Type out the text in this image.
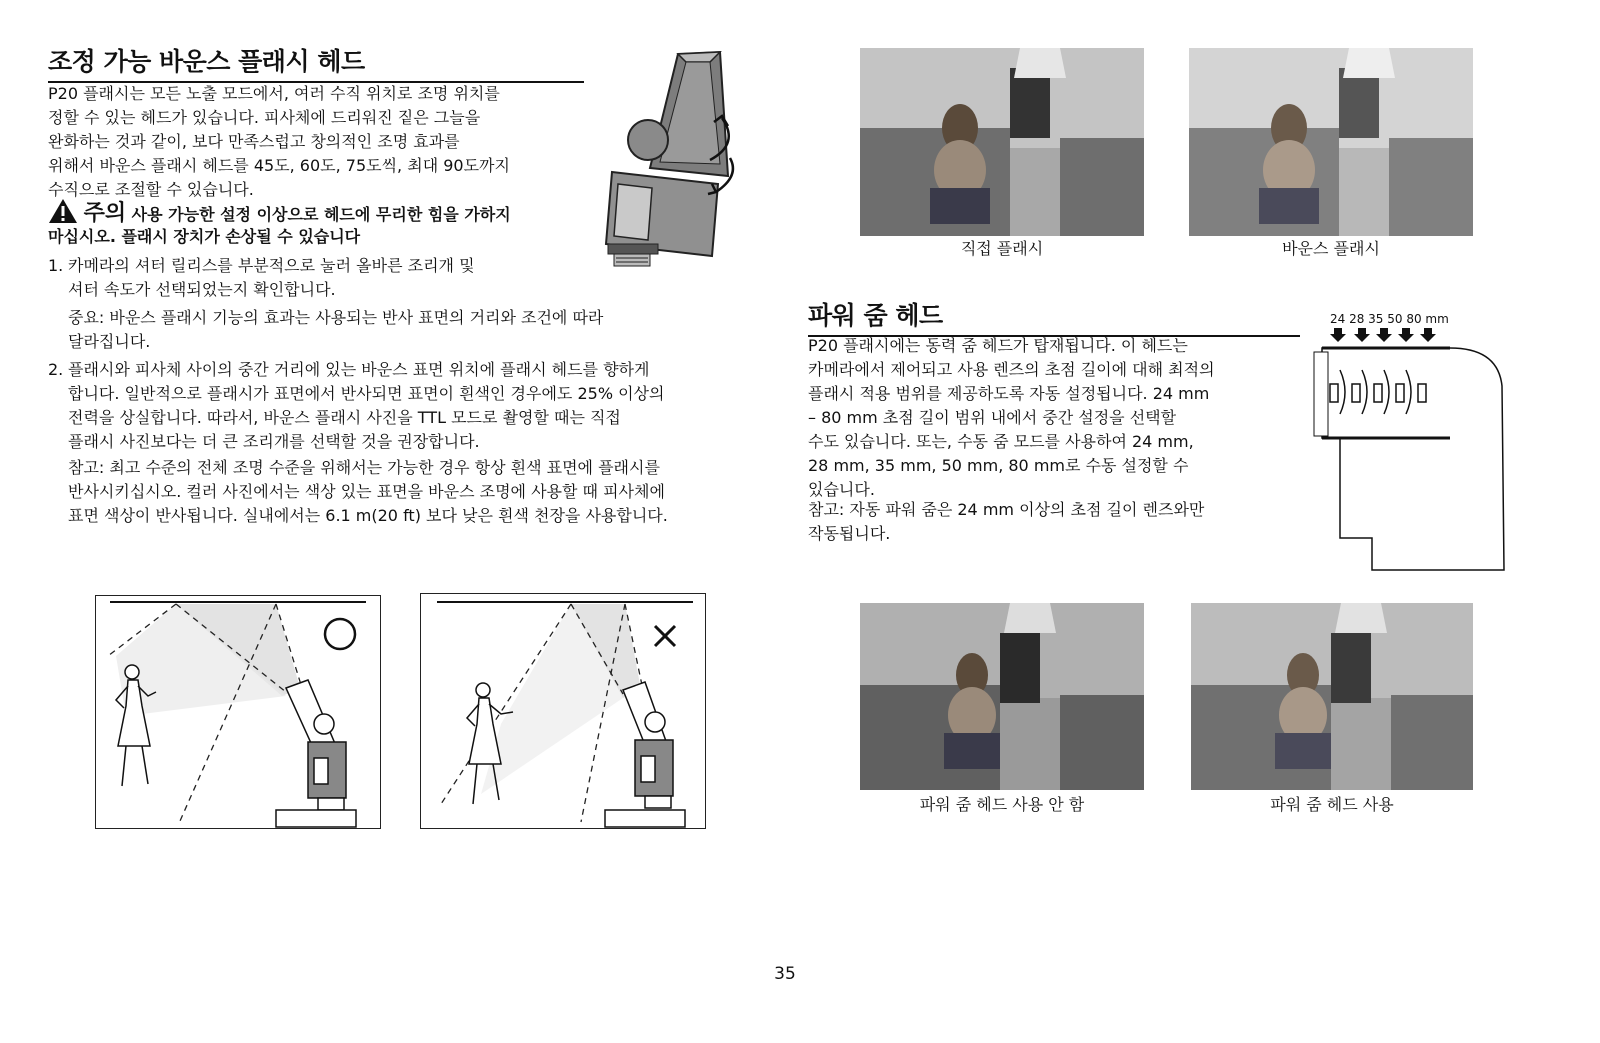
조정 가능 바운스 플래시 헤드

P20 플래시는 모든 노출 모드에서, 여러 수직 위치로 조명 위치를

정할 수 있는 헤드가 있습니다. 피사체에 드리워진 짙은 그늘을

완화하는 것과 같이, 보다 만족스럽고 창의적인 조명 효과를

위해서 바운스 플래시 헤드를 45도, 60도, 75도씩, 최대 90도까지

수직으로 조절할 수 있습니다.

주의 사용 가능한 설정 이상으로 헤드에 무리한 힘을 가하지
마십시오. 플래시 장치가 손상될 수 있습니다
1. 카메라의 셔터 릴리스를 부분적으로 눌러 올바른 조리개 및
셔터 속도가 선택되었는지 확인합니다.

중요: 바운스 플래시 기능의 효과는 사용되는 반사 표면의 거리와 조건에 따라

달라집니다.

2. 플래시와 피사체 사이의 중간 거리에 있는 바운스 표면 위치에 플래시 헤드를 향하게
합니다. 일반적으로 플래시가 표면에서 반사되면 표면이 흰색인 경우에도 25% 이상의
전력을 상실합니다. 따라서, 바운스 플래시 사진을 TTL 모드로 촬영할 때는 직접
플래시 사진보다는 더 큰 조리개를 선택할 것을 권장합니다.

참고: 최고 수준의 전체 조명 수준을 위해서는 가능한 경우 항상 흰색 표면에 플래시를

반사시키십시오. 컬러 사진에서는 색상 있는 표면을 바운스 조명에 사용할 때 피사체에

표면 색상이 반사됩니다. 실내에서는 6.1 m(20 ft) 보다 낮은 흰색 천장을 사용합니다.

직접 플래시	바운스 플래시
파워 줌 헤드

P20 플래시에는 동력 줌 헤드가 탑재됩니다. 이 헤드는

카메라에서 제어되고 사용 렌즈의 초점 길이에 대해 최적의

플래시 적용 범위를 제공하도록 자동 설정됩니다. 24 mm

– 80 mm 초점 길이 범위 내에서 중간 설정을 선택할

수도 있습니다. 또는, 수동 줌 모드를 사용하여 24 mm,

28 mm, 35 mm, 50 mm, 80 mm로 수동 설정할 수

있습니다.

참고: 자동 파워 줌은 24 mm 이상의 초점 길이 렌즈와만

작동됩니다.

24 28 35 50 80 mm
파워 줌 헤드 사용 안 함	파워 줌 헤드 사용
35
